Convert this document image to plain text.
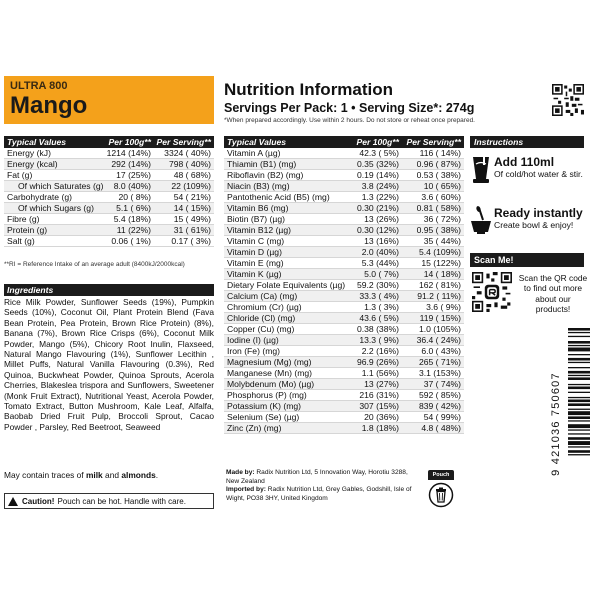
ULTRA 800
Mango
Nutrition Information
Servings Per Pack: 1 • Serving Size*: 274g
*When prepared accordingly. Use within 2 hours. Do not store or reheat once prepared.
Typical Values	Per 100g** Per Serving**
Energy (kJ)	1214 (14%)	3324 ( 40%)
Energy (kcal)	292 (14%)	798 ( 40%)
Fat (g)	17 (25%)	48 ( 68%)
Of which Saturates (g)	8.0 (40%)	22 (109%)
Carbohydrate (g)	20 ( 8%)	54 ( 21%)
Of which Sugars (g)	5.1 ( 6%)	14 ( 15%)
Fibre (g)	5.4 (18%)	15 ( 49%)
Protein (g)	11 (22%)	31 ( 61%)
Salt (g)	0.06 ( 1%)	0.17 ( 3%)
**RI = Reference Intake of an average adult (8400kJ/2000kcal)
Typical Values	Per 100g** Per Serving**
Vitamin A (µg)	42.3 ( 5%)	116 ( 14%)
Thiamin (B1) (mg)	0.35 (32%)	0.96 ( 87%)
Riboflavin (B2) (mg)	0.19 (14%)	0.53 ( 38%)
Niacin (B3) (mg)	3.8 (24%)	10 ( 65%)
Pantothenic Acid (B5) (mg)	1.3 (22%)	3.6 ( 60%)
Vitamin B6 (mg)	0.30 (21%)	0.81 ( 58%)
Biotin (B7) (µg)	13 (26%)	36 ( 72%)
Vitamin B12 (µg)	0.30 (12%)	0.95 ( 38%)
Vitamin C (mg)	13 (16%)	35 ( 44%)
Vitamin D (µg)	2.0 (40%)	5.4 (109%)
Vitamin E (mg)	5.3 (44%)	15 (122%)
Vitamin K (µg)	5.0 ( 7%)	14 ( 18%)
Dietary Folate Equivalents (µg)	59.2 (30%)	162 ( 81%)
Calcium (Ca) (mg)	33.3 ( 4%)	91.2 ( 11%)
Chromium (Cr) (µg)	1.3 ( 3%)	3.6 ( 9%)
Chloride (Cl) (mg)	43.6 ( 5%)	119 ( 15%)
Copper (Cu) (mg)	0.38 (38%)	1.0 (105%)
Iodine (I) (µg)	13.3 ( 9%)	36.4 ( 24%)
Iron (Fe) (mg)	2.2 (16%)	6.0 ( 43%)
Magnesium (Mg) (mg)	96.9 (26%)	265 ( 71%)
Manganese (Mn) (mg)	1.1 (56%)	3.1 (153%)
Molybdenum (Mo) (µg)	13 (27%)	37 ( 74%)
Phosphorus (P) (mg)	216 (31%)	592 ( 85%)
Potassium (K) (mg)	307 (15%)	839 ( 42%)
Selenium (Se) (µg)	20 (36%)	54 ( 99%)
Zinc (Zn) (mg)	1.8 (18%)	4.8 ( 48%)
Ingredients
Rice Milk Powder, Sunflower Seeds (19%), Pumpkin Seeds (10%), Coconut Oil, Plant Protein Blend (Fava Bean Protein, Pea Protein, Brown Rice Protein) (8%), Banana (7%), Brown Rice Crisps (6%), Coconut Milk Powder, Mango (5%), Chicory Root Inulin, Flaxseed, Natural Mango Flavouring (1%), Sunflower Lecithin , Millet Puffs, Natural Vanilla Flavouring (0.3%), Red Quinoa, Buckwheat Powder, Quinoa Sprouts, Acerola Cherries, Blakeslea trispora and Sunflowers, Sweetener (Monk Fruit Extract), Nutritional Yeast, Acerola Powder, Tomato Extract, Button Mushroom, Kale Leaf, Alfalfa, Baobab Dried Fruit Pulp, Broccoli Sprout, Cacao Powder , Parsley, Red Beetroot, Seaweed
May contain traces of milk and almonds.
Caution! Pouch can be hot. Handle with care.
Made by: Radix Nutrition Ltd, 5 Innovation Way, Horotiu 3288, New Zealand
Imported by: Radix Nutrition Ltd, Grey Gables, Godshill, Isle of Wight, PO38 3HY, United Kingdom
Pouch
Instructions
Add 110ml
Of cold/hot water & stir.
Ready instantly
Create bowl & enjoy!
Scan Me!
Scan the QR code to find out more about our products!
9 421036 750607
